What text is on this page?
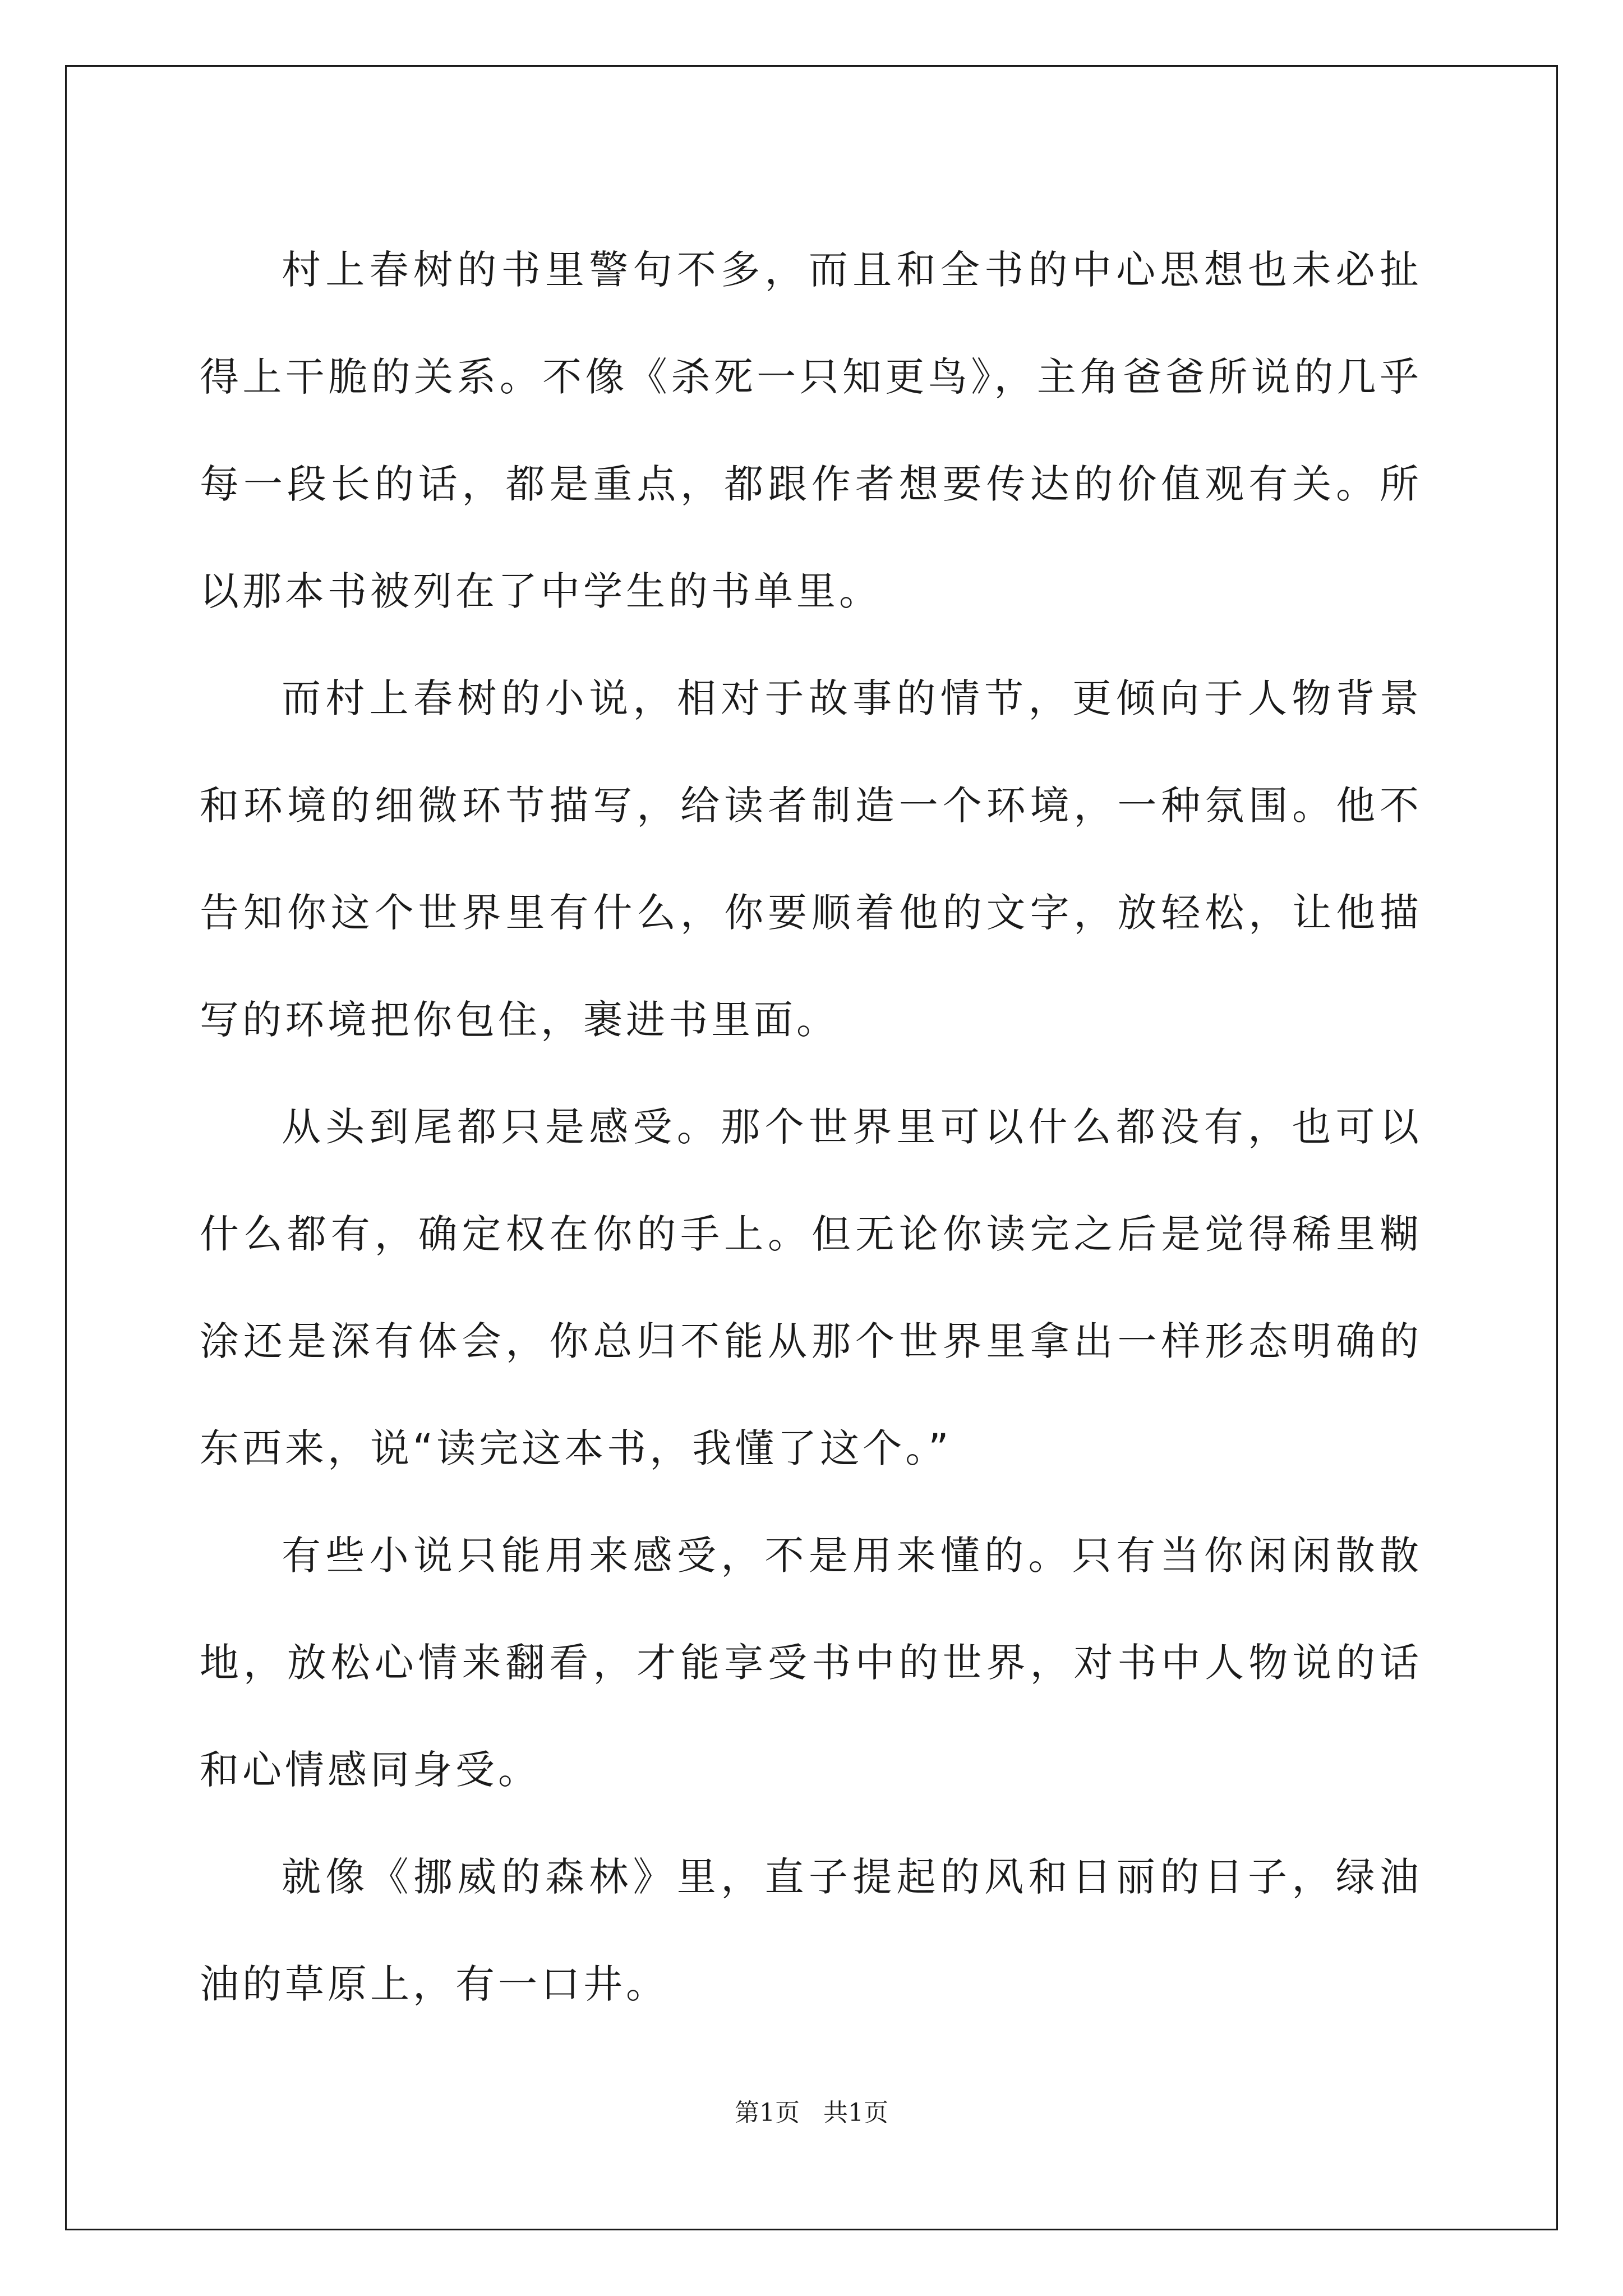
村上春树的书里警句不多，而且和全书的中心思想也未必扯得上干脆的关系。不像《杀死一只知更鸟》，主角爸爸所说的几乎每一段长的话，都是重点，都跟作者想要传达的价值观有关。所以那本书被列在了中学生的书单里。

而村上春树的小说，相对于故事的情节，更倾向于人物背景和环境的细微环节描写，给读者制造一个环境，一种氛围。他不告知你这个世界里有什么，你要顺着他的文字，放轻松，让他描写的环境把你包住，裹进书里面。

从头到尾都只是感受。那个世界里可以什么都没有，也可以什么都有，确定权在你的手上。但无论你读完之后是觉得稀里糊涂还是深有体会，你总归不能从那个世界里拿出一样形态明确的东西来，说“读完这本书，我懂了这个。”

有些小说只能用来感受，不是用来懂的。只有当你闲闲散散地，放松心情来翻看，才能享受书中的世界，对书中人物说的话和心情感同身受。

就像《挪威的森林》里，直子提起的风和日丽的日子，绿油油的草原上，有一口井。

第1页   共1页
